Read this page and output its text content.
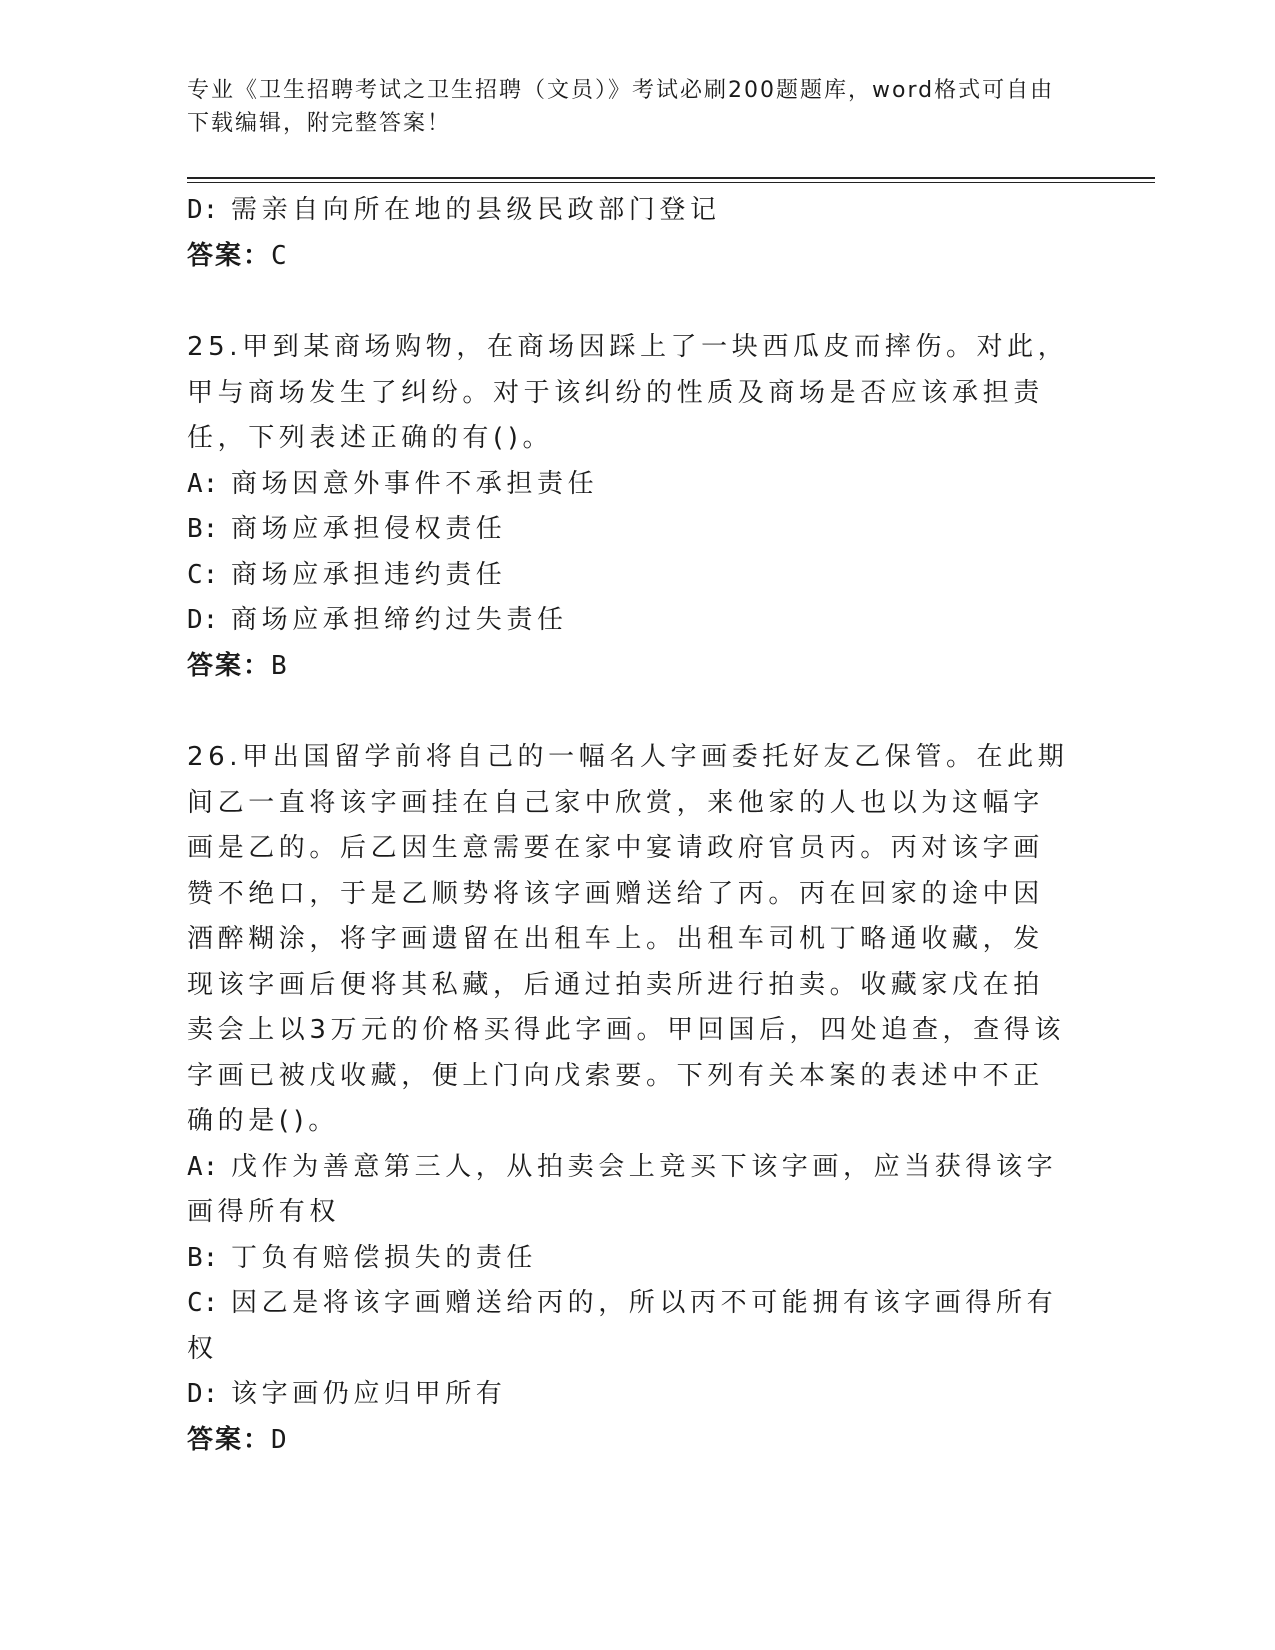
专业《卫生招聘考试之卫生招聘（文员）》考试必刷200题题库，word格式可自由下载编辑，附完整答案！
D: 需亲自向所在地的县级民政部门登记
答案：C
25.甲到某商场购物，在商场因踩上了一块西瓜皮而摔伤。对此，甲与商场发生了纠纷。对于该纠纷的性质及商场是否应该承担责任，下列表述正确的有()。
A: 商场因意外事件不承担责任
B: 商场应承担侵权责任
C: 商场应承担违约责任
D: 商场应承担缔约过失责任
答案：B
26.甲出国留学前将自己的一幅名人字画委托好友乙保管。在此期间乙一直将该字画挂在自己家中欣赏，来他家的人也以为这幅字画是乙的。后乙因生意需要在家中宴请政府官员丙。丙对该字画赞不绝口，于是乙顺势将该字画赠送给了丙。丙在回家的途中因酒醉糊涂，将字画遗留在出租车上。出租车司机丁略通收藏，发现该字画后便将其私藏，后通过拍卖所进行拍卖。收藏家戊在拍卖会上以3万元的价格买得此字画。甲回国后，四处追查，查得该字画已被戊收藏，便上门向戊索要。下列有关本案的表述中不正确的是()。
A: 戊作为善意第三人，从拍卖会上竞买下该字画，应当获得该字画得所有权
B: 丁负有赔偿损失的责任
C: 因乙是将该字画赠送给丙的，所以丙不可能拥有该字画得所有权
D: 该字画仍应归甲所有
答案：D
